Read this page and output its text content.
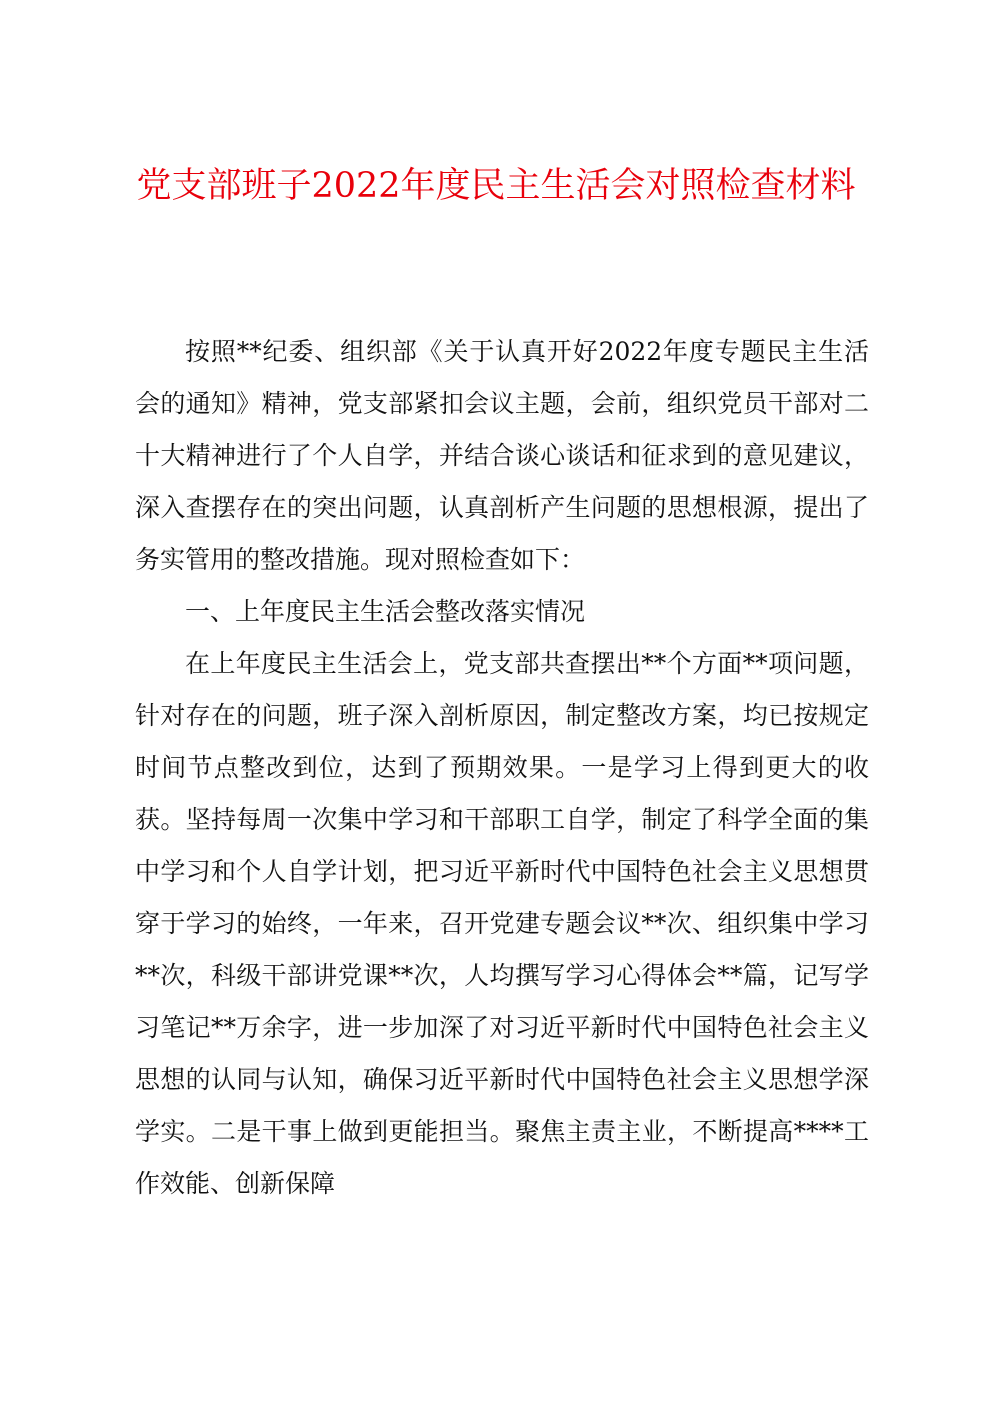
党支部班子2022年度民主生活会对照检查材料

按照**纪委、组织部《关于认真开好2022年度专题民主生活会的通知》精神，党支部紧扣会议主题，会前，组织党员干部对二十大精神进行了个人自学，并结合谈心谈话和征求到的意见建议，深入查摆存在的突出问题，认真剖析产生问题的思想根源，提出了务实管用的整改措施。现对照检查如下：

一、上年度民主生活会整改落实情况

在上年度民主生活会上，党支部共查摆出**个方面**项问题，针对存在的问题，班子深入剖析原因，制定整改方案，均已按规定时间节点整改到位，达到了预期效果。一是学习上得到更大的收获。坚持每周一次集中学习和干部职工自学，制定了科学全面的集中学习和个人自学计划，把习近平新时代中国特色社会主义思想贯穿于学习的始终，一年来，召开党建专题会议**次、组织集中学习**次，科级干部讲党课**次，人均撰写学习心得体会**篇，记写学习笔记**万余字，进一步加深了对习近平新时代中国特色社会主义思想的认同与认知，确保习近平新时代中国特色社会主义思想学深学实。二是干事上做到更能担当。聚焦主责主业，不断提高****工作效能、创新保障
